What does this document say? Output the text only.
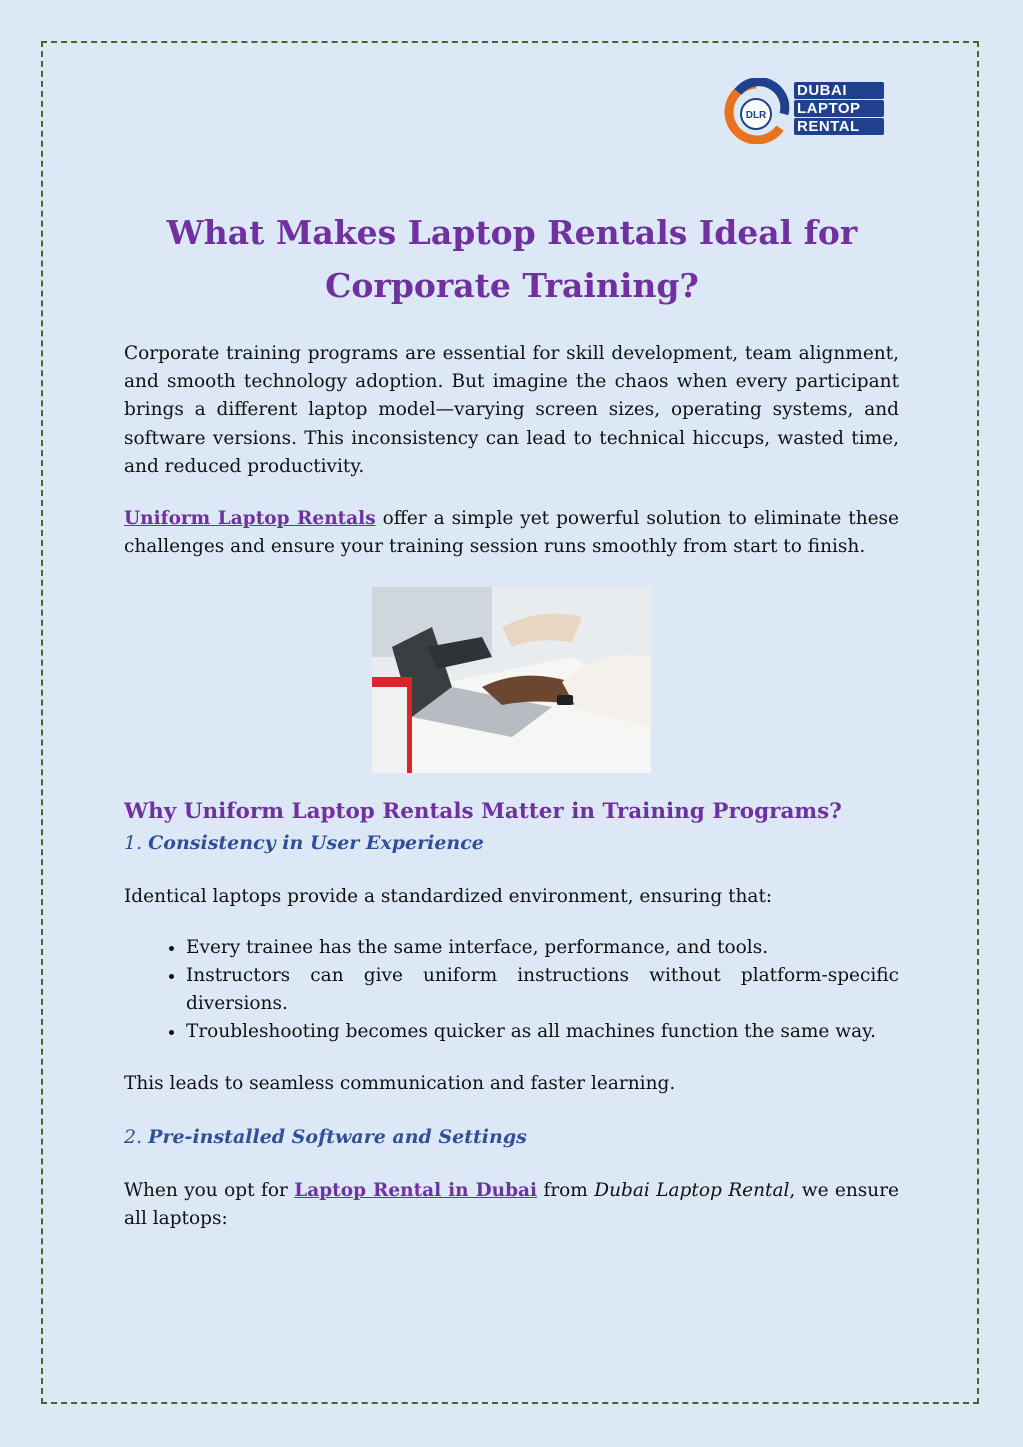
DLR
DUBAI
LAPTOP
RENTAL
What Makes Laptop Rentals Ideal for Corporate Training?

Corporate training programs are essential for skill development, team alignment, and smooth technology adoption. But imagine the chaos when every participant brings a different laptop model—varying screen sizes, operating systems, and software versions. This inconsistency can lead to technical hiccups, wasted time, and reduced productivity.

Uniform Laptop Rentals offer a simple yet powerful solution to eliminate these challenges and ensure your training session runs smoothly from start to finish.

Why Uniform Laptop Rentals Matter in Training Programs?

1. Consistency in User Experience

Identical laptops provide a standardized environment, ensuring that:

• Every trainee has the same interface, performance, and tools.
• Instructors can give uniform instructions without platform-specific diversions.
• Troubleshooting becomes quicker as all machines function the same way.

This leads to seamless communication and faster learning.

2. Pre-installed Software and Settings

When you opt for Laptop Rental in Dubai from Dubai Laptop Rental, we ensure all laptops:
